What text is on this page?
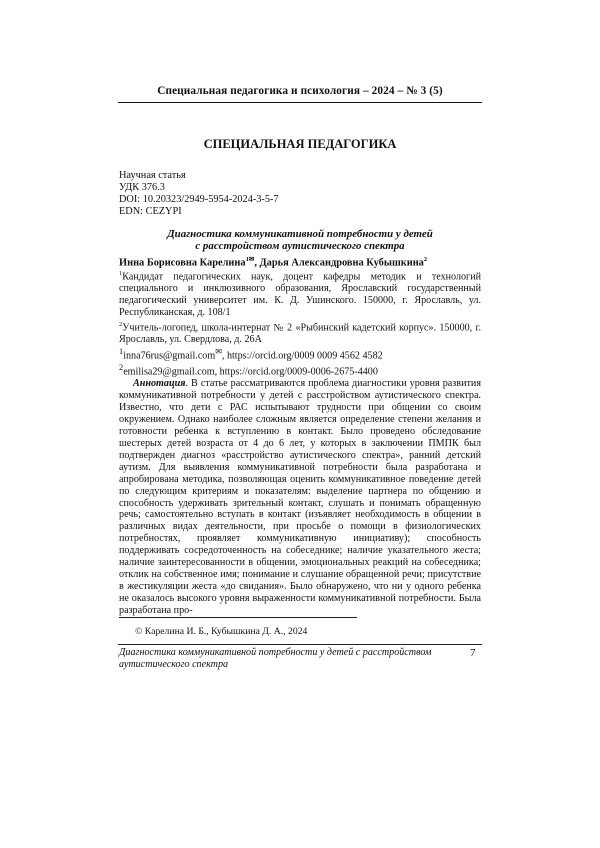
Специальная педагогика и психология – 2024 – № 3 (5)
СПЕЦИАЛЬНАЯ ПЕДАГОГИКА
Научная статья
УДК 376.3
DOI: 10.20323/2949-5954-2024-3-5-7
EDN: CEZYPI
Диагностика коммуникативной потребности у детей
с расстройством аутистического спектра
Инна Борисовна Карелина$^{1✉}$, Дарья Александровна Кубышкина$^2$

$^1$Кандидат педагогических наук, доцент кафедры методик и технологий специального и инклюзивного образования, Ярославский государственный педагогический университет им. К. Д. Ушинского. 150000, г. Ярославль, ул. Республиканская, д. 108/1

$^2$Учитель-логопед, школа-интернат № 2 «Рыбинский кадетский корпус». 150000, г. Ярославль, ул. Свердлова, д. 26А

$^1$inna76rus@gmail.com✉, https://orcid.org/0009 0009 4562 4582
$^2$emilisa29@gmail.com, https://orcid.org/0009-0006-2675-4400

Аннотация. В статье рассматриваются проблема диагностики уровня развития коммуникативной потребности у детей с расстройством аутистического спектра. Известно, что дети с РАС испытывают трудности при общении со своим окружением. Однако наиболее сложным является определение степени желания и готовности ребенка к вступлению в контакт. Было проведено обследование шестерых детей возраста от 4 до 6 лет, у которых в заключении ПМПК был подтвержден диагноз «расстройство аутистического спектра», ранний детский аутизм. Для выявления коммуникативной потребности была разработана и апробирована методика, позволяющая оценить коммуникативное поведение детей по следующим критериям и показателям: выделение партнера по общению и способность удерживать зрительный контакт, слушать и понимать обращенную речь; самостоятельно вступать в контакт (изъявляет необходимость в общении в различных видах деятельности, при просьбе о помощи в физиологических потребностях, проявляет коммуникативную инициативу); способность поддерживать сосредоточенность на собеседнике; наличие указательного жеста; наличие заинтересованности в общении, эмоциональных реакций на собеседника; отклик на собственное имя; понимание и слушание обращенной речи; присутствие в жестикуляции жеста «до свидания». Было обнаружено, что ни у одного ребенка не оказалось высокого уровня выраженности коммуникативной потребности. Была разработана про-

© Карелина И. Б., Кубышкина Д. А., 2024
Диагностика коммуникативной потребности у детей с расстройством
аутистического спектра
7
